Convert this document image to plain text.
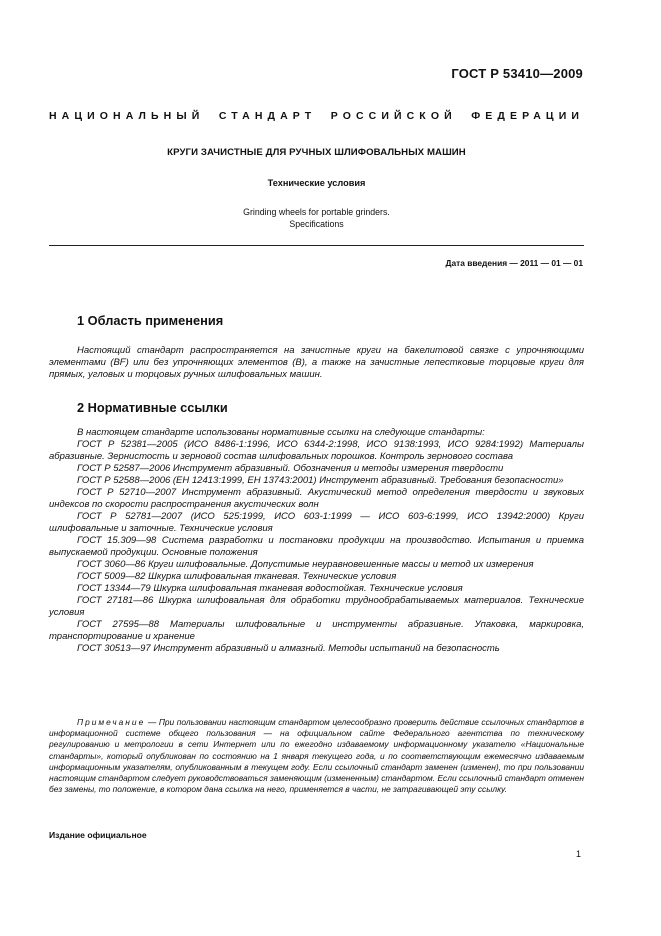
ГОСТ Р 53410—2009
НАЦИОНАЛЬНЫЙ СТАНДАРТ РОССИЙСКОЙ ФЕДЕРАЦИИ
КРУГИ ЗАЧИСТНЫЕ ДЛЯ РУЧНЫХ ШЛИФОВАЛЬНЫХ МАШИН
Технические условия
Grinding wheels for portable grinders.
Specifications
Дата введения — 2011 — 01 — 01
1 Область применения

Настоящий стандарт распространяется на зачистные круги на бакелитовой связке с упрочняющими элементами (BF) или без упрочняющих элементов (B), а также на зачистные лепестковые торцовые круги для прямых, угловых и торцовых ручных шлифовальных машин.

2 Нормативные ссылки

В настоящем стандарте использованы нормативные ссылки на следующие стандарты:

ГОСТ Р 52381—2005 (ИСО 8486-1:1996, ИСО 6344-2:1998, ИСО 9138:1993, ИСО 9284:1992) Материалы абразивные. Зернистость и зерновой состав шлифовальных порошков. Контроль зернового состава

ГОСТ Р 52587—2006 Инструмент абразивный. Обозначения и методы измерения твердости

ГОСТ Р 52588—2006 (ЕН 12413:1999, ЕН 13743:2001) Инструмент абразивный. Требования безопасности»

ГОСТ Р 52710—2007 Инструмент абразивный. Акустический метод определения твердости и звуковых индексов по скорости распространения акустических волн

ГОСТ Р 52781—2007 (ИСО 525:1999, ИСО 603-1:1999 — ИСО 603-6:1999, ИСО 13942:2000) Круги шлифовальные и заточные. Технические условия

ГОСТ 15.309—98 Система разработки и постановки продукции на производство. Испытания и приемка выпускаемой продукции. Основные положения

ГОСТ 3060—86 Круги шлифовальные. Допустимые неуравновешенные массы и метод их измерения

ГОСТ 5009—82 Шкурка шлифовальная тканевая. Технические условия

ГОСТ 13344—79 Шкурка шлифовальная тканевая водостойкая. Технические условия

ГОСТ 27181—86 Шкурка шлифовальная для обработки труднообрабатываемых материалов. Технические условия

ГОСТ 27595—88 Материалы шлифовальные и инструменты абразивные. Упаковка, маркировка, транспортирование и хранение

ГОСТ 30513—97 Инструмент абразивный и алмазный. Методы испытаний на безопасность

Примечание — При пользовании настоящим стандартом целесообразно проверить действие ссылочных стандартов в информационной системе общего пользования — на официальном сайте Федерального агентства по техническому регулированию и метрологии в сети Интернет или по ежегодно издаваемому информационному указателю «Национальные стандарты», который опубликован по состоянию на 1 января текущего года, и по соответствующим ежемесячно издаваемым информационным указателям, опубликованным в текущем году. Если ссылочный стандарт заменен (изменен), то при пользовании настоящим стандартом следует руководствоваться заменяющим (измененным) стандартом. Если ссылочный стандарт отменен без замены, то положение, в котором дана ссылка на него, применяется в части, не затрагивающей эту ссылку.

Издание официальное
1
